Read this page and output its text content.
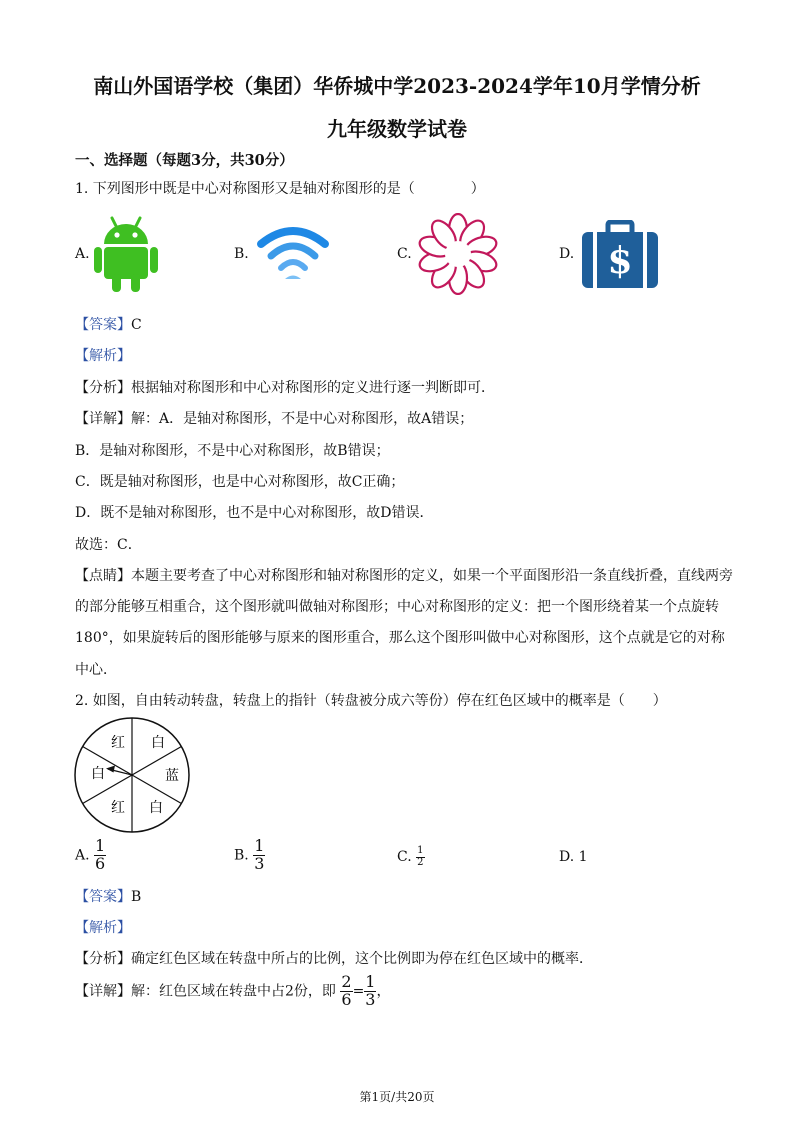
南山外国语学校（集团）华侨城中学2023-2024学年10月学情分析
九年级数学试卷
一、选择题（每题3分，共30分）
1. 下列图形中既是中心对称图形又是轴对称图形的是（　　　　）
A.	B.	C.	D. $
【答案】C
【解析】
【分析】根据轴对称图形和中心对称图形的定义进行逐一判断即可．
【详解】解：A．是轴对称图形，不是中心对称图形，故A错误；
B．是轴对称图形，不是中心对称图形，故B错误；
C．既是轴对称图形，也是中心对称图形，故C正确；
D．既不是轴对称图形，也不是中心对称图形，故D错误．
故选：C．
【点睛】本题主要考查了中心对称图形和轴对称图形的定义，如果一个平面图形沿一条直线折叠，直线两旁
的部分能够互相重合，这个图形就叫做轴对称图形；中心对称图形的定义：把一个图形绕着某一个点旋转
180°，如果旋转后的图形能够与原来的图形重合，那么这个图形叫做中心对称图形，这个点就是它的对称
中心．
2. 如图，自由转动转盘，转盘上的指针（转盘被分成六等份）停在红色区域中的概率是（　　）
红 白
蓝
白
红
白
A. $\frac{1}{6}$	B. $\frac{1}{3}$	C. $\frac{1}{2}$	D. 1
【答案】B
【解析】
【分析】确定红色区域在转盘中所占的比例，这个比例即为停在红色区域中的概率．
【详解】解：红色区域在转盘中占2份，即 $\frac{2}{6} = \frac{1}{3}$ ，
第1页/共20页
